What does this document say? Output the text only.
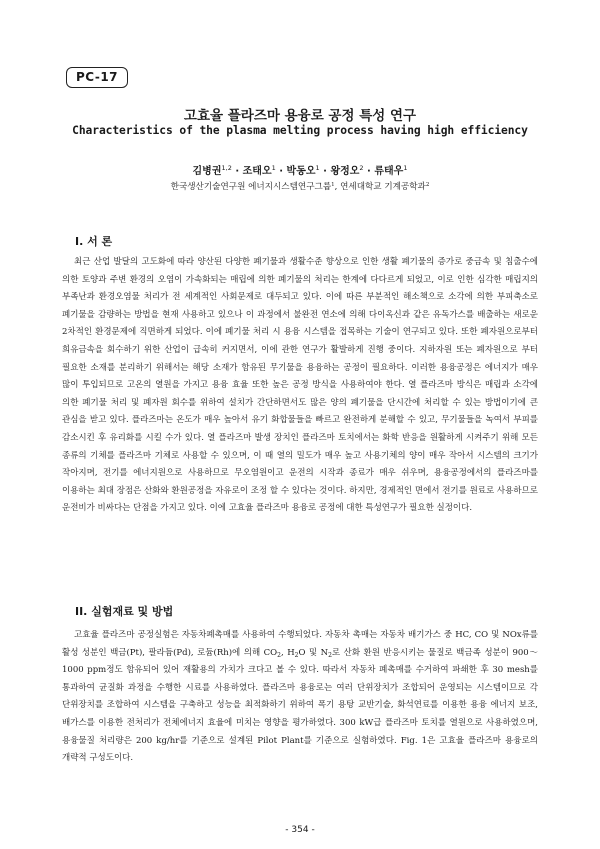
PC-17
고효율 플라즈마 용융로 공정 특성 연구
Characteristics of the plasma melting process having high efficiency
김병권$^{1,2}$ · 조태오$^1$ · 박동오$^1$ · 왕정오$^2$ · 류태우$^1$
한국생산기술연구원 에너지시스템연구그룹$^1$, 연세대학교 기계공학과$^2$
I. 서 론

최근 산업 발달의 고도화에 따라 양산된 다양한 폐기물과 생활수준 향상으로 인한 생활 폐기물의 증가로 중금속 및 침출수에 의한 토양과 주변 환경의 오염이 가속화되는 매립에 의한 폐기물의 처리는 한계에 다다르게 되었고, 이로 인한 심각한 매립지의 부족난과 환경오염물 처리가 전 세계적인 사회문제로 대두되고 있다. 이에 따른 부분적인 해소책으로 소각에 의한 부피축소로 폐기물을 감량하는 방법을 현재 사용하고 있으나 이 과정에서 불완전 연소에 의해 다이옥신과 같은 유독가스를 배출하는 새로운 2차적인 환경문제에 직면하게 되었다. 이에 폐기물 처리 시 용융 시스템을 접목하는 기술이 연구되고 있다. 또한 폐자원으로부터 희유금속을 회수하기 위한 산업이 급속히 커지면서, 이에 관한 연구가 활발하게 진행 중이다. 지하자원 또는 폐자원으로 부터 필요한 소재를 분리하기 위해서는 해당 소재가 함유된 무기물을 용융하는 공정이 필요하다. 이러한 용융공정은 에너지가 매우 많이 투입되므로 고온의 열원을 가지고 용융 효율 또한 높은 공정 방식을 사용하여야 한다. 열 플라즈마 방식은 매립과 소각에 의한 폐기물 처리 및 폐자원 회수를 위하여 설치가 간단하면서도 많은 양의 폐기물을 단시간에 처리할 수 있는 방법이기에 큰 관심을 받고 있다. 플라즈마는 온도가 매우 높아서 유기 화합물들을 빠르고 완전하게 분해할 수 있고, 무기물들을 녹여서 부피를 감소시킨 후 유리화를 시킬 수가 있다. 열 플라즈마 발생 장치인 플라즈마 토치에서는 화학 반응을 원활하게 시켜주기 위해 모든 종류의 기체를 플라즈마 기체로 사용할 수 있으며, 이 때 열의 밀도가 매우 높고 사용기체의 양이 매우 작아서 시스템의 크기가 작아지며, 전기를 에너지원으로 사용하므로 무오염원이고 운전의 시작과 종료가 매우 쉬우며, 용융공정에서의 플라즈마를 이용하는 최대 장점은 산화와 환원공정을 자유로이 조정 할 수 있다는 것이다. 하지만, 경제적인 면에서 전기를 원료로 사용하므로 운전비가 비싸다는 단점을 가지고 있다. 이에 고효율 플라즈마 용융로 공정에 대한 특성연구가 필요한 실정이다.

II. 실험재료 및 방법

고효율 플라즈마 공정실험은 자동차폐촉매를 사용하여 수행되었다. 자동차 촉매는 자동차 배기가스 중 HC, CO 및 NOx류를 활성 성분인 백금(Pt), 팔라듐(Pd), 로듐(Rh)에 의해 $CO_2$, $H_2O$ 및 $N_2$로 산화 환원 반응시키는 물질로 백금족 성분이 900～1000 ppm정도 함유되어 있어 재활용의 가치가 크다고 볼 수 있다. 따라서 자동차 폐촉매를 수거하여 파쇄한 후 30 mesh를 통과하여 균질화 과정을 수행한 시료를 사용하였다. 플라즈마 용융로는 여러 단위장치가 조합되어 운영되는 시스템이므로 각 단위장치를 조합하여 시스템을 구축하고 성능을 최적화하기 위하여 폭기 용탕 교반기술, 화석연료를 이용한 용융 에너지 보조, 배가스를 이용한 전처리가 전체에너지 효율에 미치는 영향을 평가하였다. 300 kW급 플라즈마 토치를 열원으로 사용하였으며, 용융물질 처리량은 200 kg/hr를 기준으로 설계된 Pilot Plant를 기준으로 실험하였다. Fig. 1은 고효율 플라즈마 용융로의 개략적 구성도이다.

- 354 -
